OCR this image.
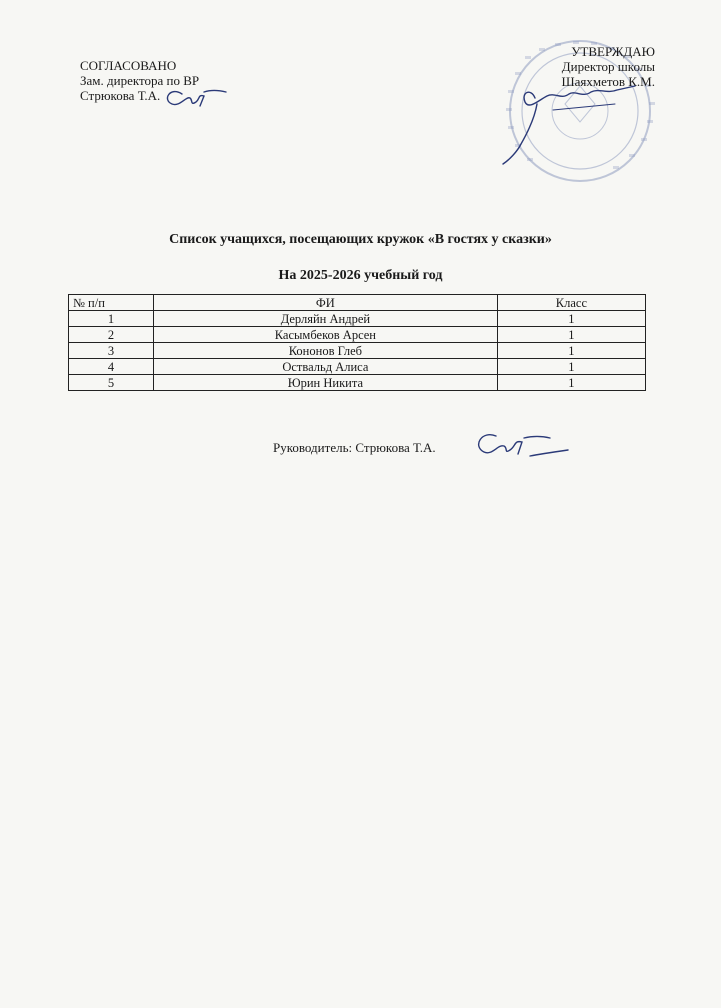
СОГЛАСОВАНО
Зам. директора по ВР
Стрюкова Т.А.
УТВЕРЖДАЮ
Директор школы
Шаяхметов К.М.
Список учащихся, посещающих кружок «В гостях у сказки»
На 2025-2026 учебный год
№ п/п	ФИ	Класс
1	Дерляйн Андрей	1
2	Касымбеков Арсен	1
3	Кононов Глеб	1
4	Оствальд Алиса	1
5	Юрин Никита	1
Руководитель: Стрюкова Т.А.
